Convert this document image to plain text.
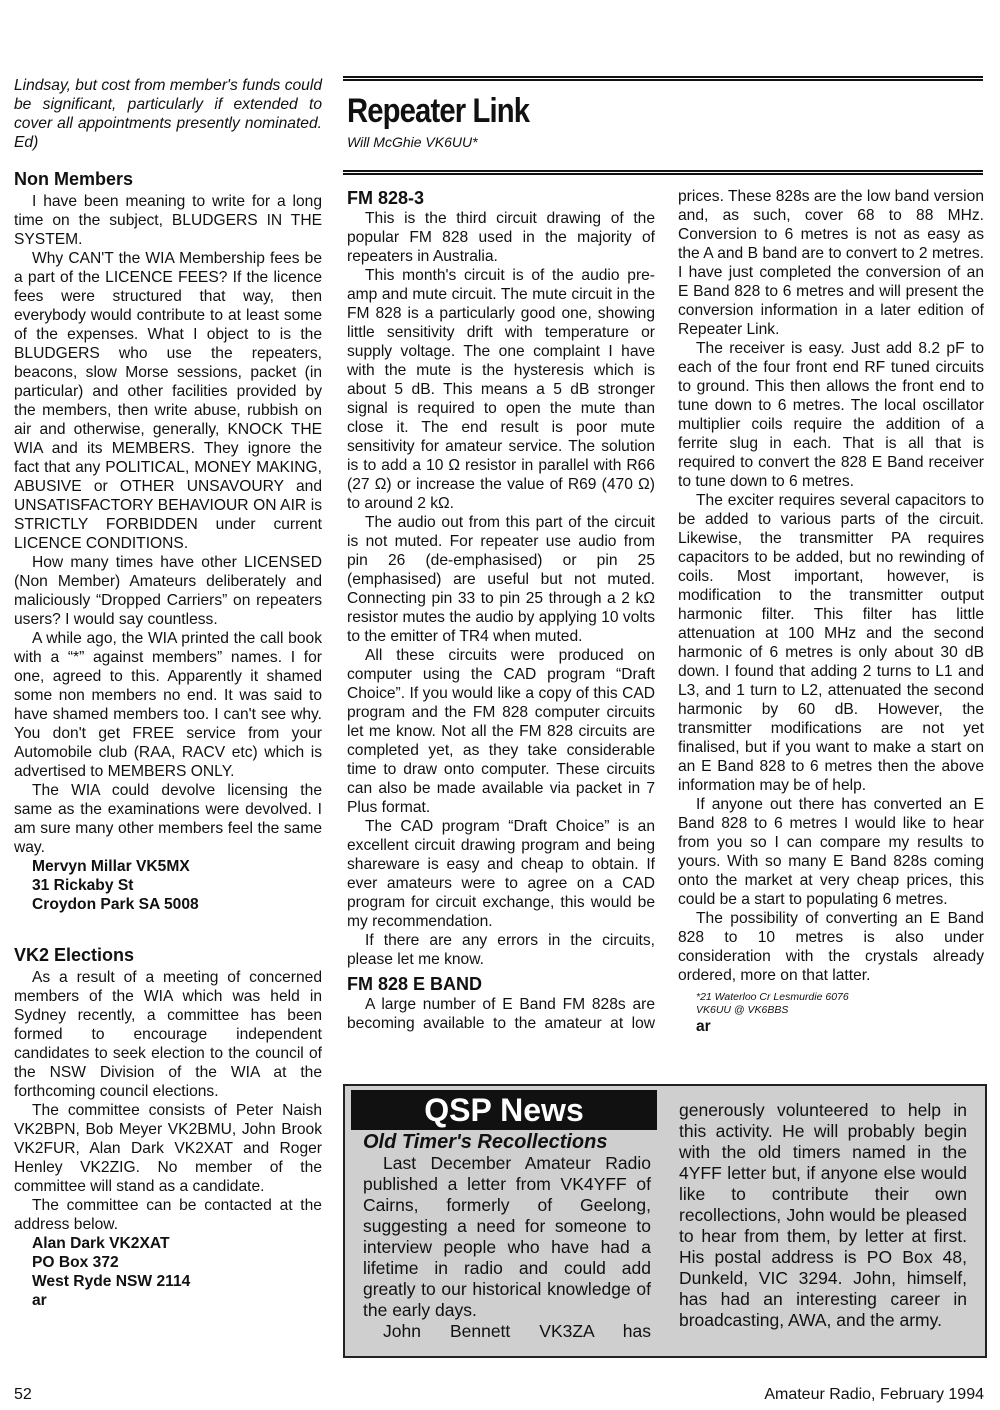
Lindsay, but cost from member's funds could be significant, particularly if extended to cover all appointments presently nominated. Ed)

Non Members

I have been meaning to write for a long time on the subject, BLUDGERS IN THE SYSTEM.

Why CAN'T the WIA Membership fees be a part of the LICENCE FEES? If the licence fees were structured that way, then everybody would contribute to at least some of the expenses. What I object to is the BLUDGERS who use the repeaters, beacons, slow Morse sessions, packet (in particular) and other facilities provided by the members, then write abuse, rubbish on air and otherwise, generally, KNOCK THE WIA and its MEMBERS. They ignore the fact that any POLITICAL, MONEY MAKING, ABUSIVE or OTHER UNSAVOURY and UNSATISFACTORY BEHAVIOUR ON AIR is STRICTLY FORBIDDEN under current LICENCE CONDITIONS.

How many times have other LICENSED (Non Member) Amateurs deliberately and maliciously “Dropped Carriers” on repeaters users? I would say countless.

A while ago, the WIA printed the call book with a “*” against members” names. I for one, agreed to this. Apparently it shamed some non members no end. It was said to have shamed members too. I can't see why. You don't get FREE service from your Automobile club (RAA, RACV etc) which is advertised to MEMBERS ONLY.

The WIA could devolve licensing the same as the examinations were devolved. I am sure many other members feel the same way.

Mervyn Millar VK5MX

31 Rickaby St

Croydon Park SA 5008

VK2 Elections

As a result of a meeting of concerned members of the WIA which was held in Sydney recently, a committee has been formed to encourage independent candidates to seek election to the council of the NSW Division of the WIA at the forthcoming council elections.

The committee consists of Peter Naish VK2BPN, Bob Meyer VK2BMU, John Brook VK2FUR, Alan Dark VK2XAT and Roger Henley VK2ZIG. No member of the committee will stand as a candidate.

The committee can be contacted at the address below.

Alan Dark VK2XAT

PO Box 372

West Ryde NSW 2114

ar

Repeater Link
Will McGhie VK6UU*
FM 828-3

This is the third circuit drawing of the popular FM 828 used in the majority of repeaters in Australia.

This month's circuit is of the audio pre-amp and mute circuit. The mute circuit in the FM 828 is a particularly good one, showing little sensitivity drift with temperature or supply voltage. The one complaint I have with the mute is the hysteresis which is about 5 dB. This means a 5 dB stronger signal is required to open the mute than close it. The end result is poor mute sensitivity for amateur service. The solution is to add a 10 Ω resistor in parallel with R66 (27 Ω) or increase the value of R69 (470 Ω) to around 2 kΩ.

The audio out from this part of the circuit is not muted. For repeater use audio from pin 26 (de-emphasised) or pin 25 (emphasised) are useful but not muted. Connecting pin 33 to pin 25 through a 2 kΩ resistor mutes the audio by applying 10 volts to the emitter of TR4 when muted.

All these circuits were produced on computer using the CAD program “Draft Choice”. If you would like a copy of this CAD program and the FM 828 computer circuits let me know. Not all the FM 828 circuits are completed yet, as they take considerable time to draw onto computer. These circuits can also be made available via packet in 7 Plus format.

The CAD program “Draft Choice” is an excellent circuit drawing program and being shareware is easy and cheap to obtain. If ever amateurs were to agree on a CAD program for circuit exchange, this would be my recommendation.

If there are any errors in the circuits, please let me know.

FM 828 E BAND

A large number of E Band FM 828s are becoming available to the amateur at low

prices. These 828s are the low band version and, as such, cover 68 to 88 MHz. Conversion to 6 metres is not as easy as the A and B band are to convert to 2 metres. I have just completed the conversion of an E Band 828 to 6 metres and will present the conversion information in a later edition of Repeater Link.

The receiver is easy. Just add 8.2 pF to each of the four front end RF tuned circuits to ground. This then allows the front end to tune down to 6 metres. The local oscillator multiplier coils require the addition of a ferrite slug in each. That is all that is required to convert the 828 E Band receiver to tune down to 6 metres.

The exciter requires several capacitors to be added to various parts of the circuit. Likewise, the transmitter PA requires capacitors to be added, but no rewinding of coils. Most important, however, is modification to the transmitter output harmonic filter. This filter has little attenuation at 100 MHz and the second harmonic of 6 metres is only about 30 dB down. I found that adding 2 turns to L1 and L3, and 1 turn to L2, attenuated the second harmonic by 60 dB. However, the transmitter modifications are not yet finalised, but if you want to make a start on an E Band 828 to 6 metres then the above information may be of help.

If anyone out there has converted an E Band 828 to 6 metres I would like to hear from you so I can compare my results to yours. With so many E Band 828s coming onto the market at very cheap prices, this could be a start to populating 6 metres.

The possibility of converting an E Band 828 to 10 metres is also under consideration with the crystals already ordered, more on that latter.

*21 Waterloo Cr Lesmurdie 6076

VK6UU @ VK6BBS

ar

QSP News
Old Timer's Recollections

Last December Amateur Radio published a letter from VK4YFF of Cairns, formerly of Geelong, suggesting a need for someone to interview people who have had a lifetime in radio and could add greatly to our historical knowledge of the early days.

John Bennett VK3ZA has

generously volunteered to help in this activity. He will probably begin with the old timers named in the 4YFF letter but, if anyone else would like to contribute their own recollections, John would be pleased to hear from them, by letter at first. His postal address is PO Box 48, Dunkeld, VIC 3294. John, himself, has had an interesting career in broadcasting, AWA, and the army.

52	Amateur Radio, February 1994
